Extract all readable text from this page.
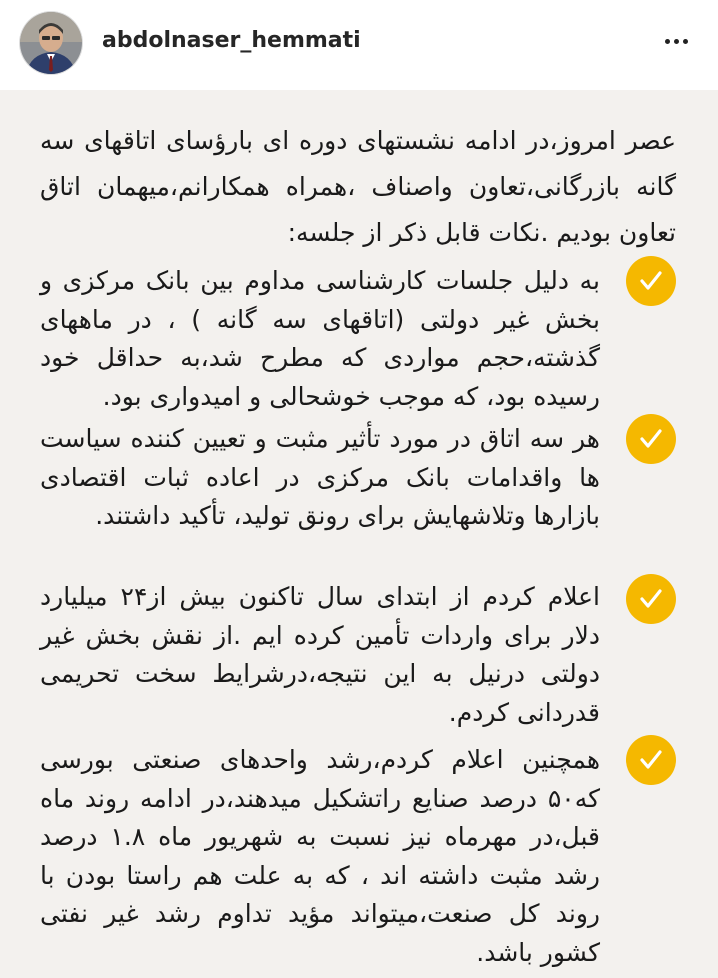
abdolnaser_hemmati
عصر امروز،در ادامه نشستهای دوره ای بارؤسای اتاقهای سه گانه بازرگانی،تعاون واصناف ،همراه همکارانم،میهمان اتاق تعاون بودیم .نکات قابل ذکر از جلسه:
به دلیل جلسات کارشناسی مداوم بین بانک مرکزی و بخش غیر دولتی (اتاقهای سه گانه ) ، در ماههای گذشته،حجم مواردی که مطرح شد،به حداقل خود رسیده بود، که موجب خوشحالی و امیدواری بود.
هر سه اتاق در مورد تأثیر مثبت و تعیین کننده سیاست ها واقدامات بانک مرکزی در اعاده ثبات اقتصادی بازارها وتلاشهایش برای رونق تولید، تأکید داشتند.
اعلام کردم از ابتدای سال تاکنون بیش از۲۴ میلیارد دلار برای واردات تأمین کرده ایم .از نقش بخش غیر دولتی درنیل به این نتیجه،درشرایط سخت تحریمی قدردانی کردم.
همچنین اعلام کردم،رشد واحدهای صنعتی بورسی که۵۰ درصد صنایع راتشکیل میدهند،در ادامه روند ماه قبل،در مهرماه نیز نسبت به شهریور ماه ۱.۸ درصد رشد مثبت داشته اند ، که به علت هم راستا بودن با روند کل صنعت،میتواند مؤید تداوم رشد غیر نفتی کشور باشد.
